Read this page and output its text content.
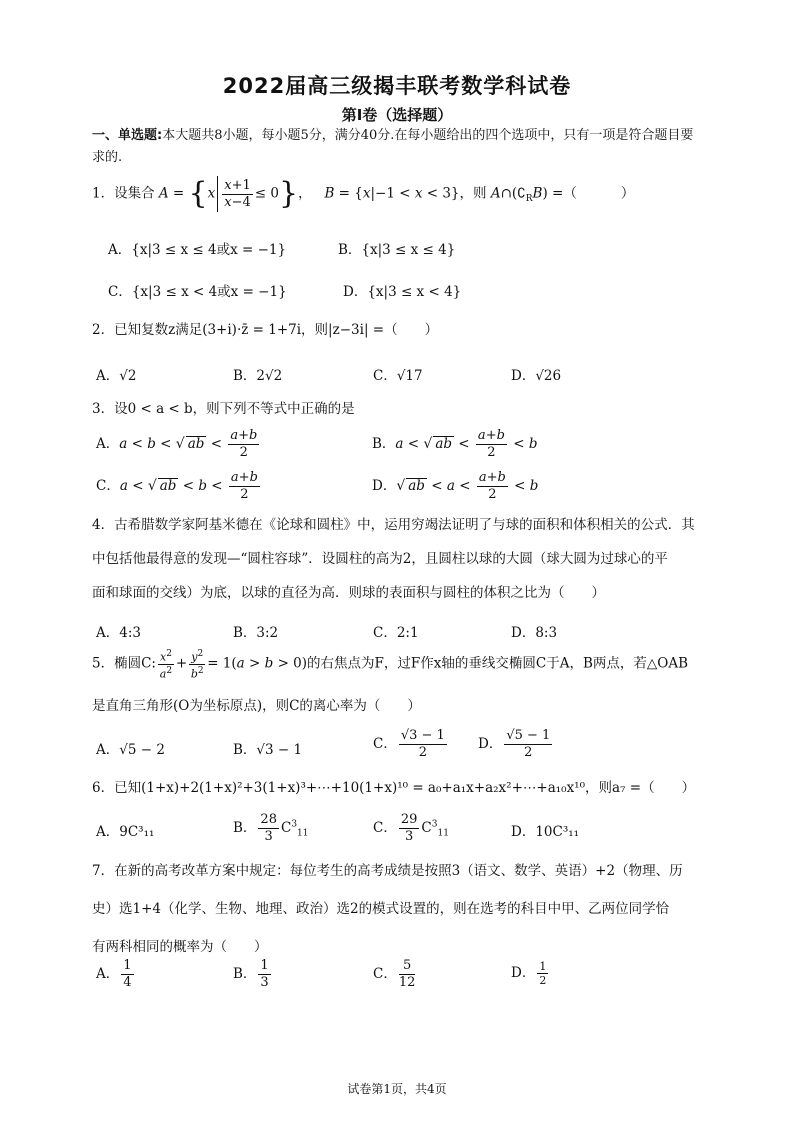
2022届高三级揭丰联考数学科试卷
第I卷（选择题）
一、单选题:本大题共8小题，每小题5分，满分40分.在每小题给出的四个选项中，只有一项是符合题目要求的.
1．设集合 $A = \{x \frac{x+1}{x-4} \le 0\}$，   B = {x|−1 < x < 3}，则 $A\cap(∁_RB)$ =（	）
A．{x|3 ≤ x ≤ 4或x = −1}	B．{x|3 ≤ x ≤ 4}
C．{x|3 ≤ x < 4或x = −1}	D．{x|3 ≤ x < 4}
2．已知复数z满足(3+i)·z̄ = 1+7i，则|z−3i| =（　　）
A．√2	B．2√2	C．√17	D．√26
3．设0 < a < b，则下列不等式中正确的是
A．a < b < √ ab < $\frac{a+b}{2}$	B．a < √ ab < $\frac{a+b}{2} < b$
C．a < √ ab < $b < \frac{a+b}{2}$	D．√ ab < $a < \frac{a+b}{2} < b$
4．古希腊数学家阿基米德在《论球和圆柱》中，运用穷竭法证明了与球的面积和体积相关的公式．其
中包括他最得意的发现—“圆柱容球”．设圆柱的高为2，且圆柱以球的大圆（球大圆为过球心的平
面和球面的交线）为底，以球的直径为高．则球的表面积与圆柱的体积之比为（　　）
A．4:3	B．3:2	C．2:1	D．8:3
5．椭圆C: $\frac{x^2}{a^2} + \frac{y^2}{b^2} = 1(a > b > 0)$的右焦点为F，过F作x轴的垂线交椭圆C于A，B两点，若△OAB
是直角三角形(O为坐标原点)，则C的离心率为（　　）
A．√5 − 2	B．√3 − 1	C． $\frac{√3 - 1}{2}$ D． $\frac{√5 - 1}{2}$
6．已知(1+x)+2(1+x)²+3(1+x)³+⋯+10(1+x)¹⁰ = a₀+a₁x+a₂x²+⋯+a₁₀x¹⁰，则a₇ =（　　）
A．9C³₁₁	B． $\frac{28}{3} C^3_{11}$	C． $\frac{29}{3} C^3_{11}$	D．10C³₁₁
7．在新的高考改革方案中规定：每位考生的高考成绩是按照3（语文、数学、英语）+2（物理、历
史）选1+4（化学、生物、地理、政治）选2的模式设置的，则在选考的科目中甲、乙两位同学恰
有两科相同的概率为（　　）
A． $\frac{1}{4}$	B． $\frac{1}{3}$	C． $\frac{5}{12}$	D． $\frac{1}{2}$
试卷第1页，共4页
